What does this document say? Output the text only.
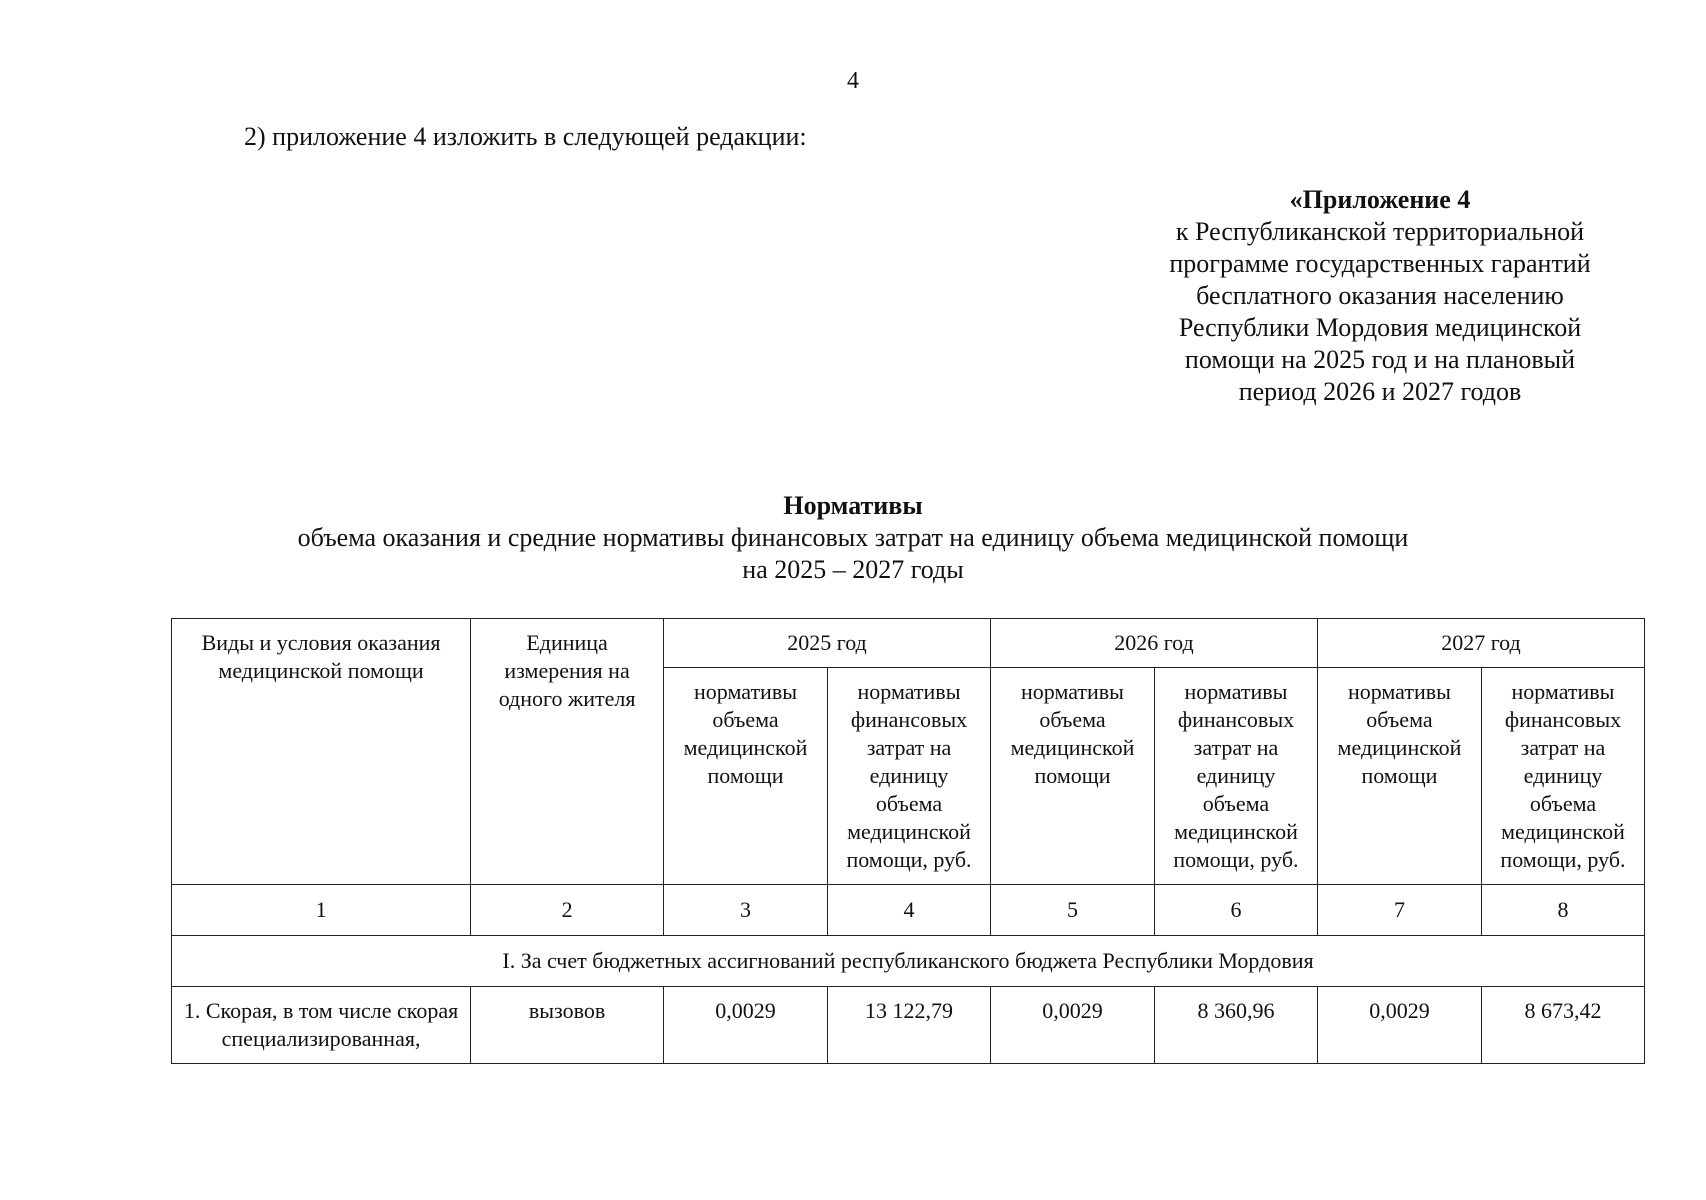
4
2) приложение 4 изложить в следующей редакции:
«Приложение 4
к Республиканской территориальной
программе государственных гарантий
бесплатного оказания населению
Республики Мордовия медицинской
помощи на 2025 год и на плановый
период 2026 и 2027 годов
Нормативы
объема оказания и средние нормативы финансовых затрат на единицу объема медицинской помощи
на 2025 – 2027 годы
Виды и условия оказания медицинской помощи	Единица измерения на одного жителя	2025 год		2026 год		2027 год	
		нормативы объема медицинской помощи	нормативы финансовых затрат на единицу объема медицинской помощи, руб.	нормативы объема медицинской помощи	нормативы финансовых затрат на единицу объема медицинской помощи, руб.	нормативы объема медицинской помощи	нормативы финансовых затрат на единицу объема медицинской помощи, руб.
1	2	3	4	5	6	7	8
I. За счет бюджетных ассигнований республиканского бюджета Республики Мордовия							
1. Скорая, в том числе скорая специализированная,	вызовов	0,0029	13 122,79	0,0029	8 360,96	0,0029	8 673,42
